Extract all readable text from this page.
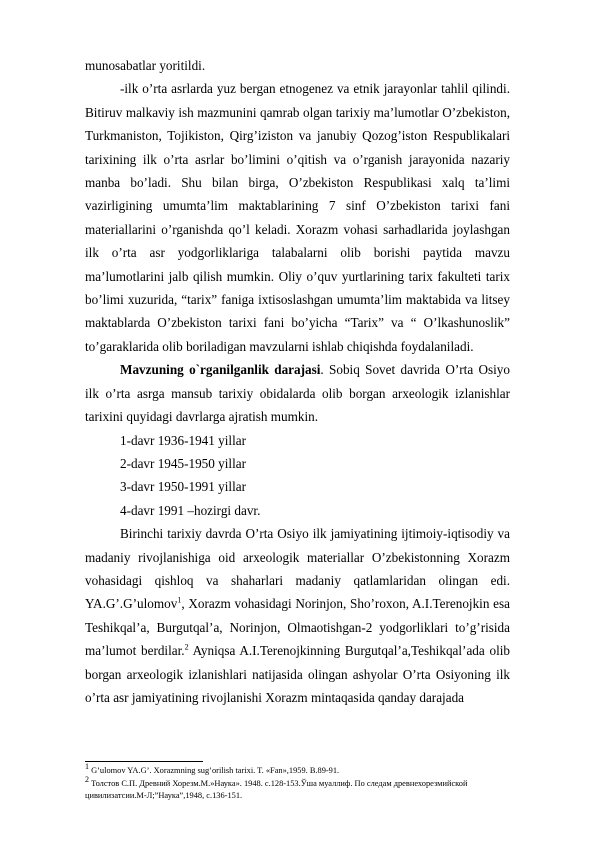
munosabatlar yoritildi.

-ilk o’rta asrlarda yuz bergan etnogenez va etnik jarayonlar tahlil qilindi. Bitiruv malkaviy ish mazmunini qamrab olgan tarixiy ma’lumotlar O’zbekiston, Turkmaniston, Tojikiston, Qirg’iziston va janubiy Qozog’iston Respublikalari tarixining ilk o’rta asrlar bo’limini o’qitish va o’rganish jarayonida nazariy manba bo’ladi. Shu bilan birga, O’zbekiston Respublikasi xalq ta’limi vazirligining umumta’lim maktablarining 7 sinf O’zbekiston tarixi fani materiallarini o’rganishda qo’l keladi. Xorazm vohasi sarhadlarida joylashgan ilk o’rta asr yodgorliklariga talabalarni olib borishi paytida mavzu ma’lumotlarini jalb qilish mumkin. Oliy o’quv yurtlarining tarix fakulteti tarix bo’limi xuzurida, “tarix” faniga ixtisoslashgan umumta’lim maktabida va litsey maktablarda O’zbekiston tarixi fani bo’yicha “Tarix” va “ O’lkashunoslik” to’garaklarida olib boriladigan mavzularni ishlab chiqishda foydalaniladi.

Mavzuning o`rganilganlik darajasi. Sobiq Sovet davrida O’rta Osiyo ilk o’rta asrga mansub tarixiy obidalarda olib borgan arxeologik izlanishlar tarixini quyidagi davrlarga ajratish mumkin.

1-davr 1936-1941 yillar

2-davr 1945-1950 yillar

3-davr 1950-1991 yillar

4-davr 1991 –hozirgi davr.

Birinchi tarixiy davrda O’rta Osiyo ilk jamiyatining ijtimoiy-iqtisodiy va madaniy rivojlanishiga oid arxeologik materiallar O’zbekistonning Xorazm vohasidagi qishloq va shaharlari madaniy qatlamlaridan olingan edi. YA.G’.G’ulomov$^1$, Xorazm vohasidagi Norinjon, Sho’roxon, A.I.Terenojkin esa Teshikqal’a, Burgutqal’a, Norinjon, Olmaotishgan-2 yodgorliklari to’g’risida ma’lumot berdilar.$^2$ Ayniqsa A.I.Terenojkinning Burgutqal’a,Teshikqal’ada olib borgan arxeologik izlanishlari natijasida olingan ashyolar O’rta Osiyoning ilk o’rta asr jamiyatining rivojlanishi Xorazm mintaqasida qanday darajada

$^1$ G’ulomov YA.G’. Xorazmning sug’orilish tarixi. T. «Fan»,1959. B.89-91.

$^2$ Толстов С.П. Древний Хорезм.М.»Наука». 1948. с.128-153.Ўша муаллиф. По следам древнехорезмийской цивилизатсии.М-Л;”Наука”,1948, с.136-151.
